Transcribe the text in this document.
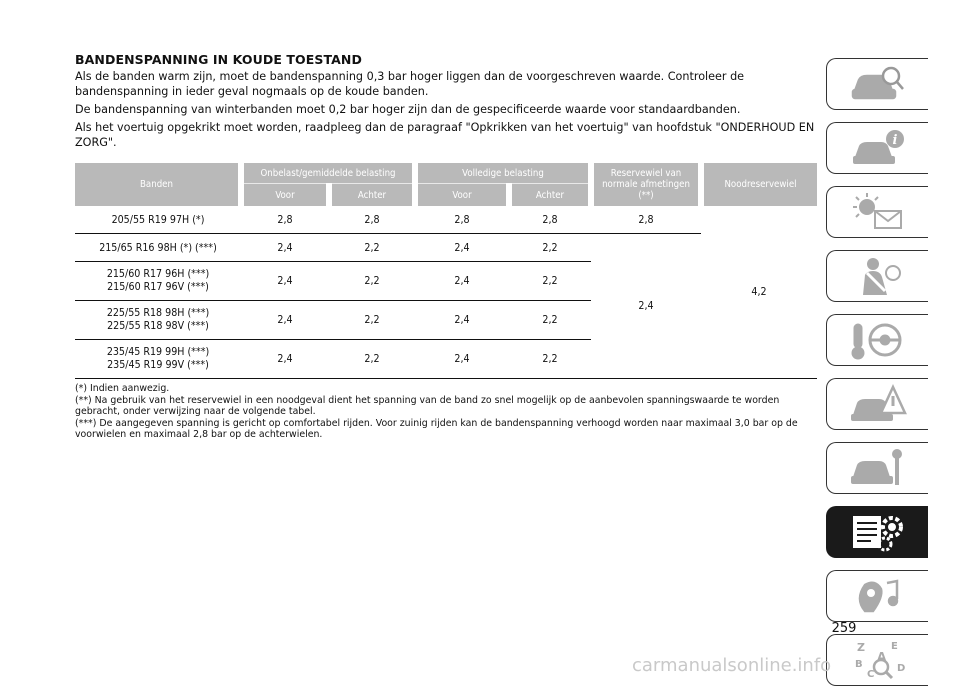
BANDENSPANNING IN KOUDE TOESTAND

Als de banden warm zijn, moet de bandenspanning 0,3 bar hoger liggen dan de voorgeschreven waarde. Controleer de bandenspanning in ieder geval nogmaals op de koude banden.

De bandenspanning van winterbanden moet 0,2 bar hoger zijn dan de gespecificeerde waarde voor standaardbanden.

Als het voertuig opgekrikt moet worden, raadpleeg dan de paragraaf "Opkrikken van het voertuig" van hoofdstuk "ONDERHOUD EN ZORG".

Banden	Onbelast/gemiddelde belasting		Volledige belasting		Reservewiel van normale afmetingen (**)	Noodreservewiel
	Voor	Achter	Voor	Achter		
205/55 R19 97H (*)	2,8	2,8	2,8	2,8	2,8	4,2
215/65 R16 98H (*) (***)	2,4	2,2	2,4	2,2	2,4	
215/60 R17 96H (***)
215/60 R17 96V (***)	2,4	2,2	2,4	2,2		
225/55 R18 98H (***)
225/55 R18 98V (***)	2,4	2,2	2,4	2,2		
235/45 R19 99H (***)
235/45 R19 99V (***)	2,4	2,2	2,4	2,2		

(*) Indien aanwezig.

(**) Na gebruik van het reservewiel in een noodgeval dient het spanning van de band zo snel mogelijk op de aanbevolen spanningswaarde te worden gebracht, onder verwijzing naar de volgende tabel.

(***) De aangegeven spanning is gericht op comfortabel rijden. Voor zuinig rijden kan de bandenspanning verhoogd worden naar maximaal 3,0 bar op de voorwielen en maximaal 2,8 bar op de achterwielen.

i
Z	E
B
A
C
D
259
carmanualsonline.info
